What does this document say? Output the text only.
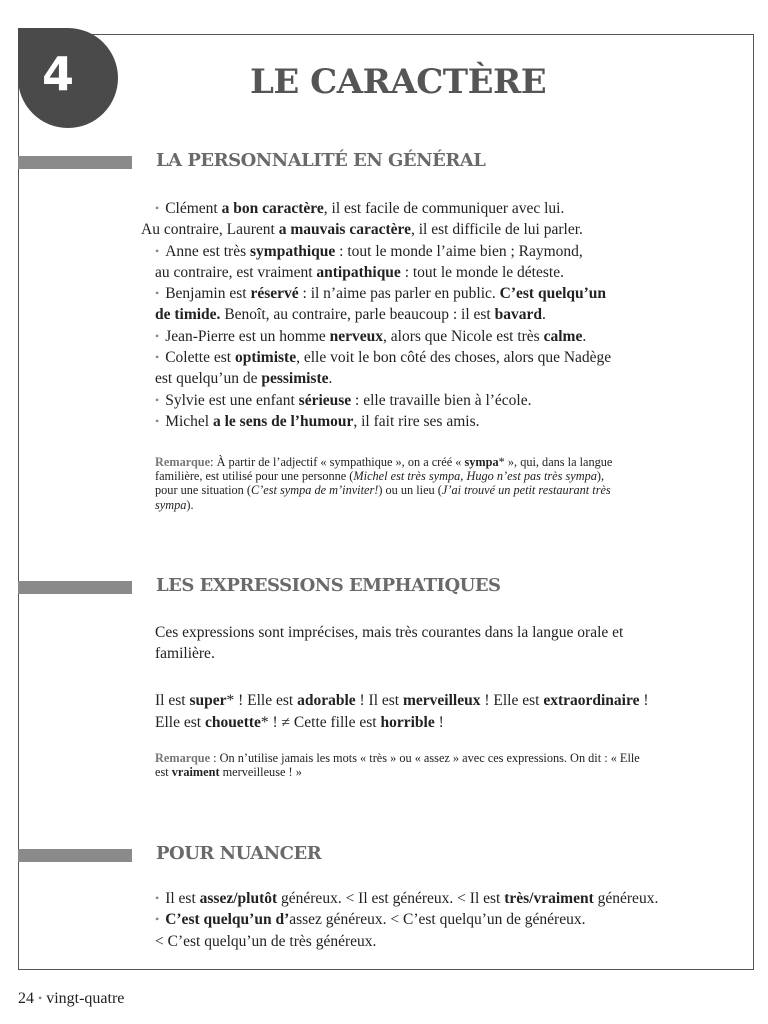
4	LE CARACTÈRE
LA PERSONNALITÉ EN GÉNÉRAL
• Clément a bon caractère, il est facile de communiquer avec lui.
Au contraire, Laurent a mauvais caractère, il est difficile de lui parler.
• Anne est très sympathique : tout le monde l’aime bien ; Raymond,
au contraire, est vraiment antipathique : tout le monde le déteste.
• Benjamin est réservé : il n’aime pas parler en public. C’est quelqu’un
de timide. Benoît, au contraire, parle beaucoup : il est bavard.
• Jean-Pierre est un homme nerveux, alors que Nicole est très calme.
• Colette est optimiste, elle voit le bon côté des choses, alors que Nadège
est quelqu’un de pessimiste.
• Sylvie est une enfant sérieuse : elle travaille bien à l’école.
• Michel a le sens de l’humour, il fait rire ses amis.
Remarque: À partir de l’adjectif « sympathique », on a créé « sympa* », qui, dans la langue
familière, est utilisé pour une personne (Michel est très sympa, Hugo n’est pas très sympa),
pour une situation (C’est sympa de m’inviter!) ou un lieu (J’ai trouvé un petit restaurant très
sympa).
LES EXPRESSIONS EMPHATIQUES
Ces expressions sont imprécises, mais très courantes dans la langue orale et
familière.
Il est super* ! Elle est adorable ! Il est merveilleux ! Elle est extraordinaire !
Elle est chouette* ! ≠ Cette fille est horrible !
Remarque : On n’utilise jamais les mots « très » ou « assez » avec ces expressions. On dit : « Elle
est vraiment merveilleuse ! »
POUR NUANCER
• Il est assez/plutôt généreux. < Il est généreux. < Il est très/vraiment généreux.
• C’est quelqu’un d’assez généreux. < C’est quelqu’un de généreux.
< C’est quelqu’un de très généreux.
24 • vingt-quatre
